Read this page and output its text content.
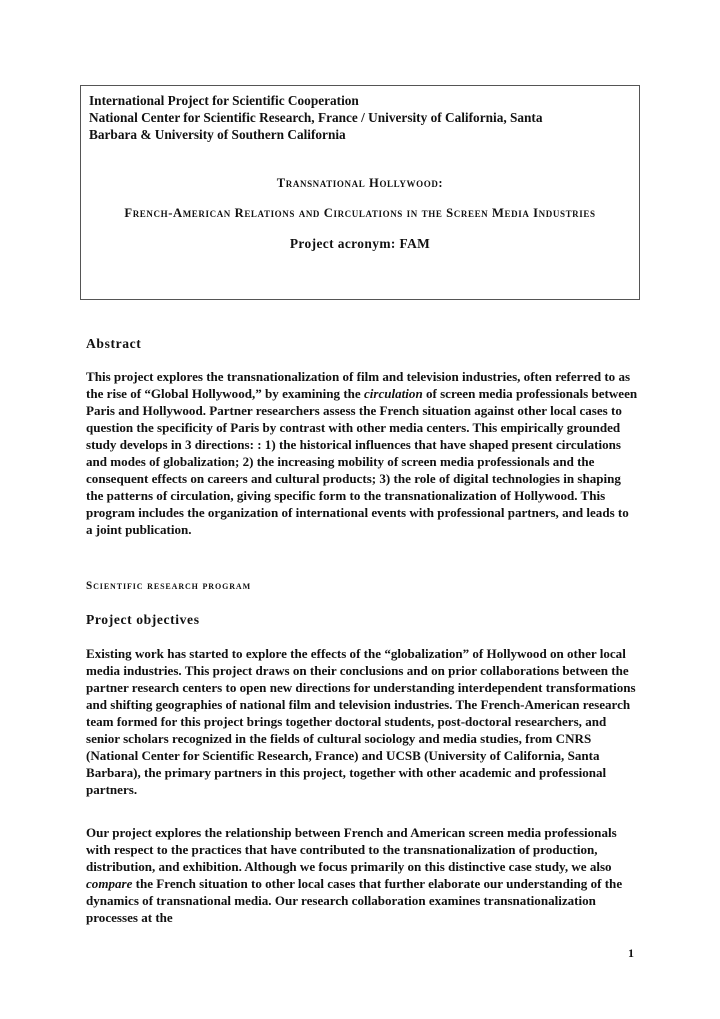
International Project for Scientific Cooperation
National Center for Scientific Research, France / University of California, Santa
Barbara & University of Southern California
Transnational Hollywood:
French-American Relations and Circulations in the Screen Media Industries
Project acronym: FAM
Abstract

This project explores the transnationalization of film and television industries, often referred to as the rise of “Global Hollywood,” by examining the circulation of screen media professionals between Paris and Hollywood. Partner researchers assess the French situation against other local cases to question the specificity of Paris by contrast with other media centers. This empirically grounded study develops in 3 directions: : 1) the historical influences that have shaped present circulations and modes of globalization; 2) the increasing mobility of screen media professionals and the consequent effects on careers and cultural products; 3) the role of digital technologies in shaping the patterns of circulation, giving specific form to the transnationalization of Hollywood. This program includes the organization of international events with professional partners, and leads to a joint publication.

Scientific research program
Project objectives

Existing work has started to explore the effects of the “globalization” of Hollywood on other local media industries. This project draws on their conclusions and on prior collaborations between the partner research centers to open new directions for understanding interdependent transformations and shifting geographies of national film and television industries. The French-American research team formed for this project brings together doctoral students, post-doctoral researchers, and senior scholars recognized in the fields of cultural sociology and media studies, from CNRS (National Center for Scientific Research, France) and UCSB (University of California, Santa Barbara), the primary partners in this project, together with other academic and professional partners.

Our project explores the relationship between French and American screen media professionals with respect to the practices that have contributed to the transnationalization of production, distribution, and exhibition. Although we focus primarily on this distinctive case study, we also compare the French situation to other local cases that further elaborate our understanding of the dynamics of transnational media. Our research collaboration examines transnationalization processes at the

1
